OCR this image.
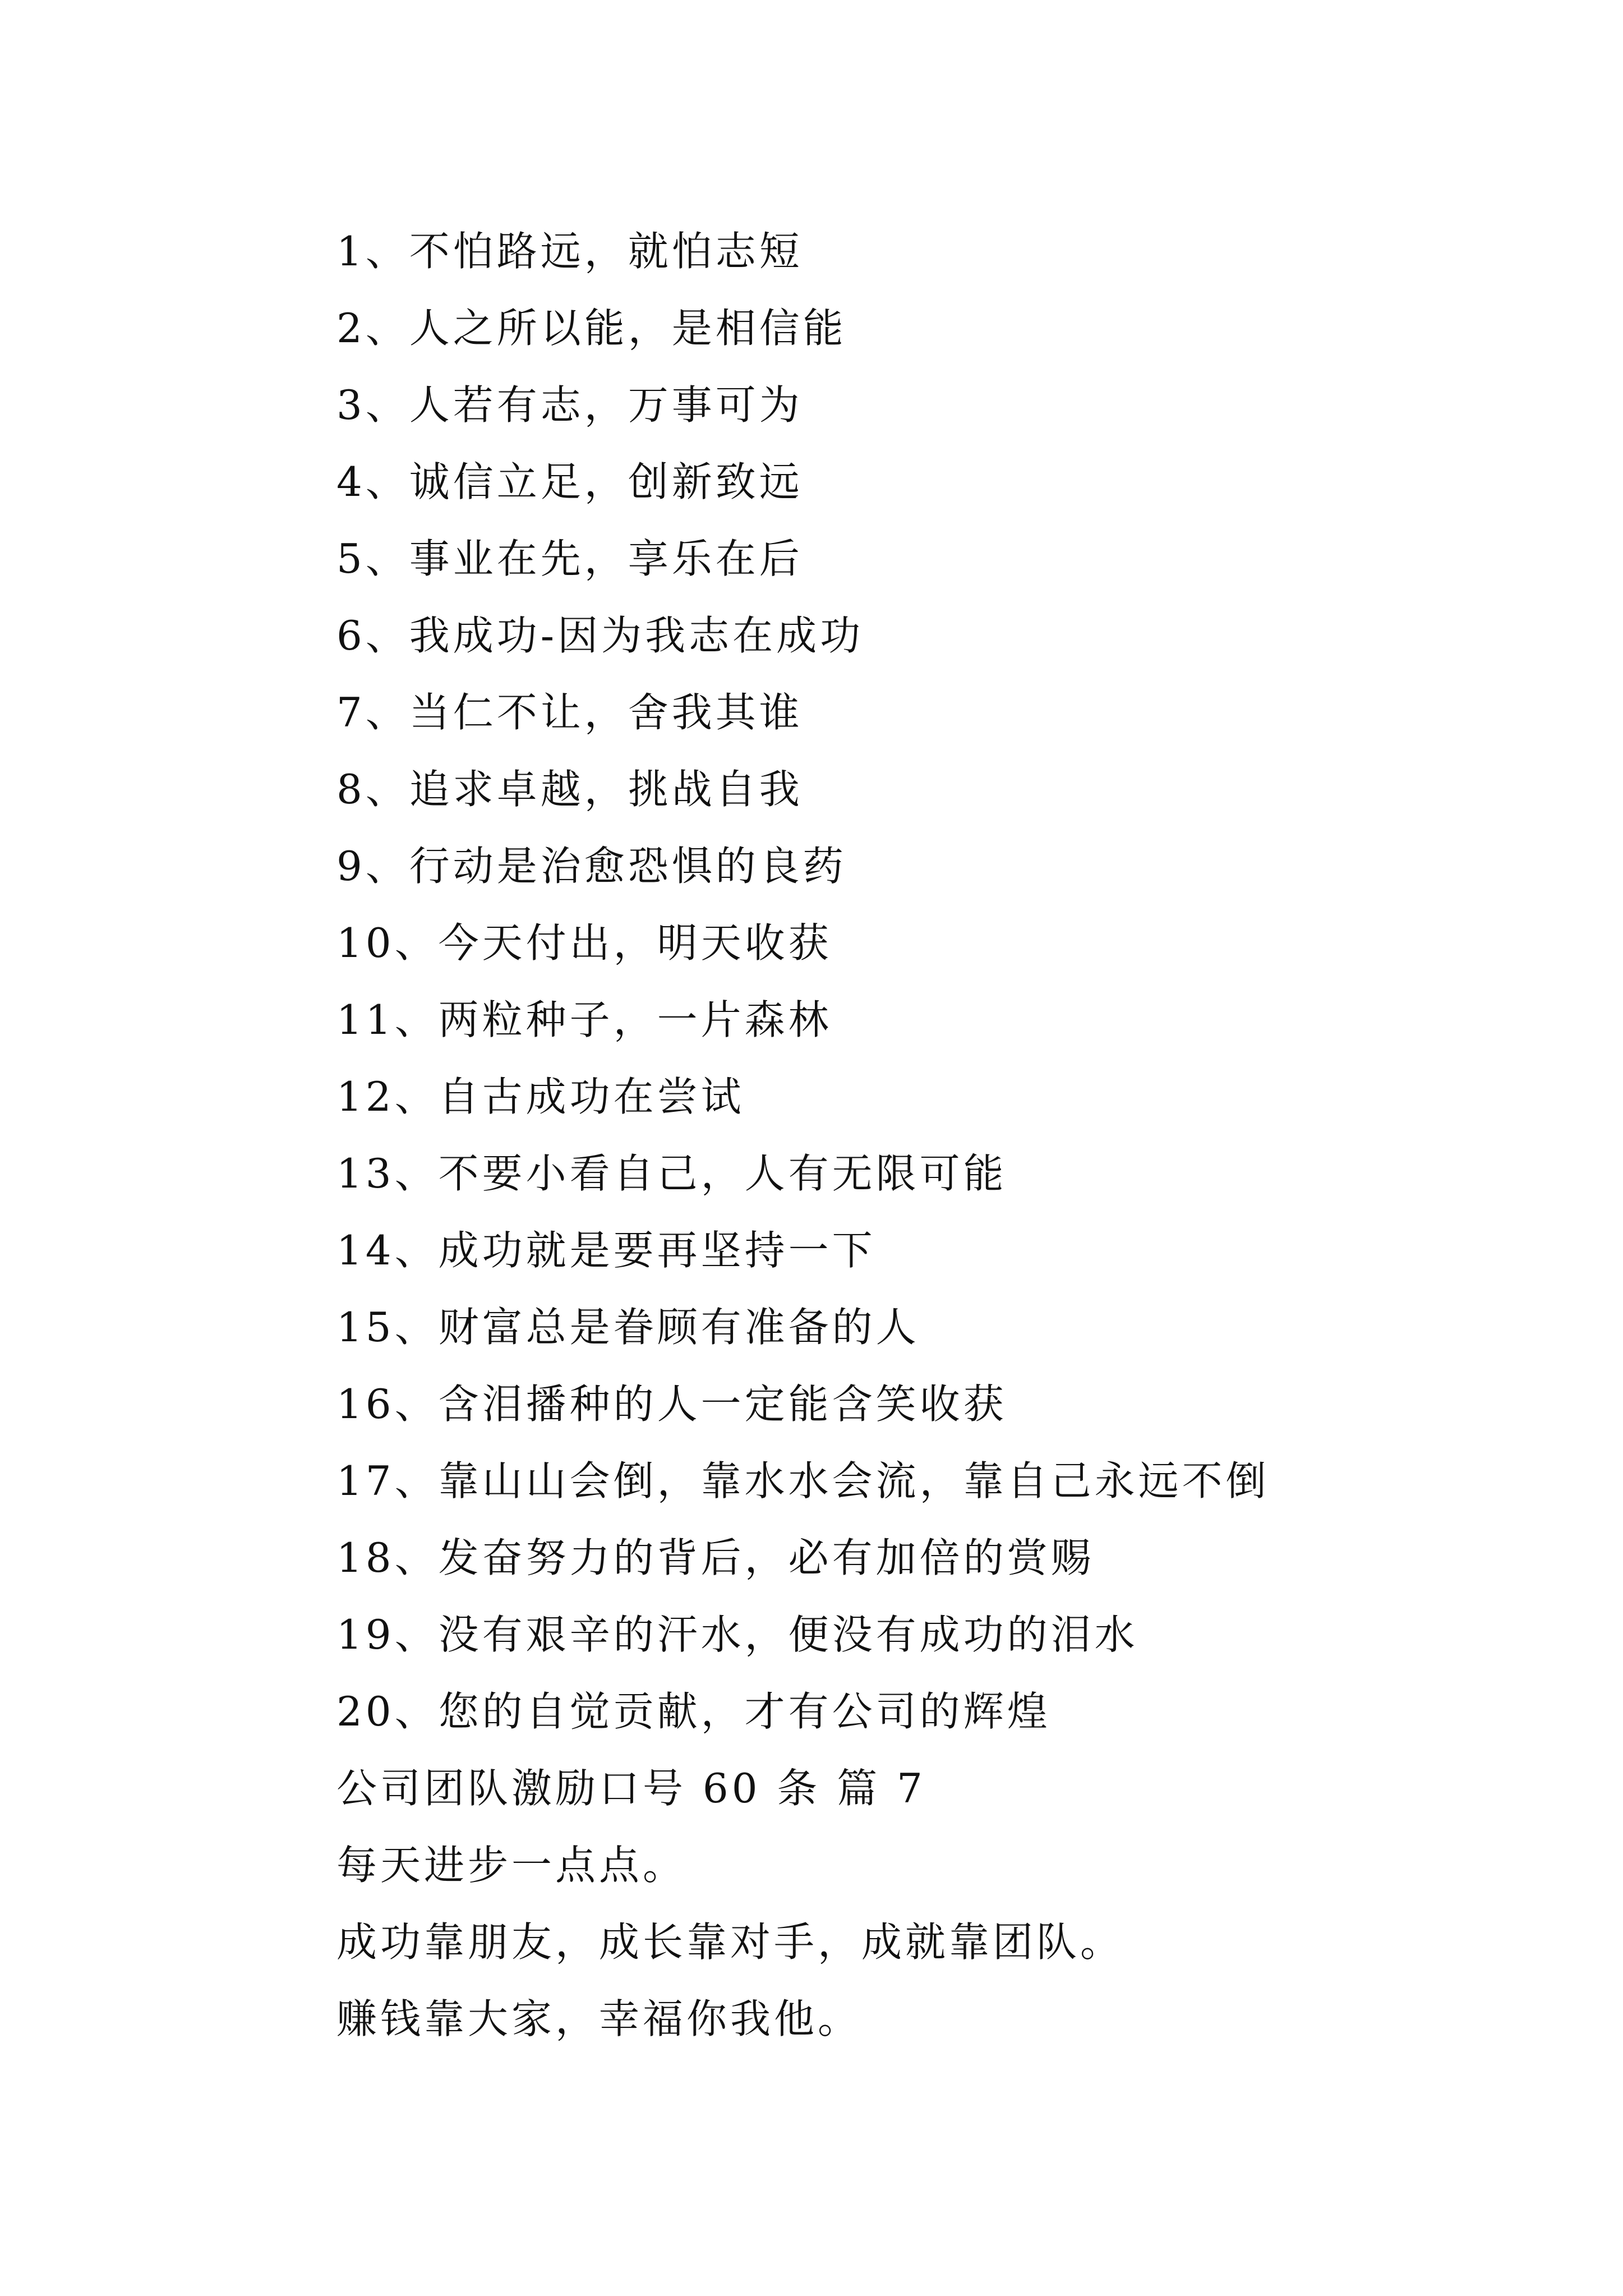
1、不怕路远，就怕志短
2、人之所以能，是相信能
3、人若有志，万事可为
4、诚信立足，创新致远
5、事业在先，享乐在后
6、我成功-因为我志在成功
7、当仁不让，舍我其谁
8、追求卓越，挑战自我
9、行动是治愈恐惧的良药
10、今天付出，明天收获
11、两粒种子，一片森林
12、自古成功在尝试
13、不要小看自己，人有无限可能
14、成功就是要再坚持一下
15、财富总是眷顾有准备的人
16、含泪播种的人一定能含笑收获
17、靠山山会倒，靠水水会流，靠自己永远不倒
18、发奋努力的背后，必有加倍的赏赐
19、没有艰辛的汗水，便没有成功的泪水
20、您的自觉贡献，才有公司的辉煌
公司团队激励口号 60 条 篇 7
每天进步一点点。
成功靠朋友，成长靠对手，成就靠团队。
赚钱靠大家，幸福你我他。
